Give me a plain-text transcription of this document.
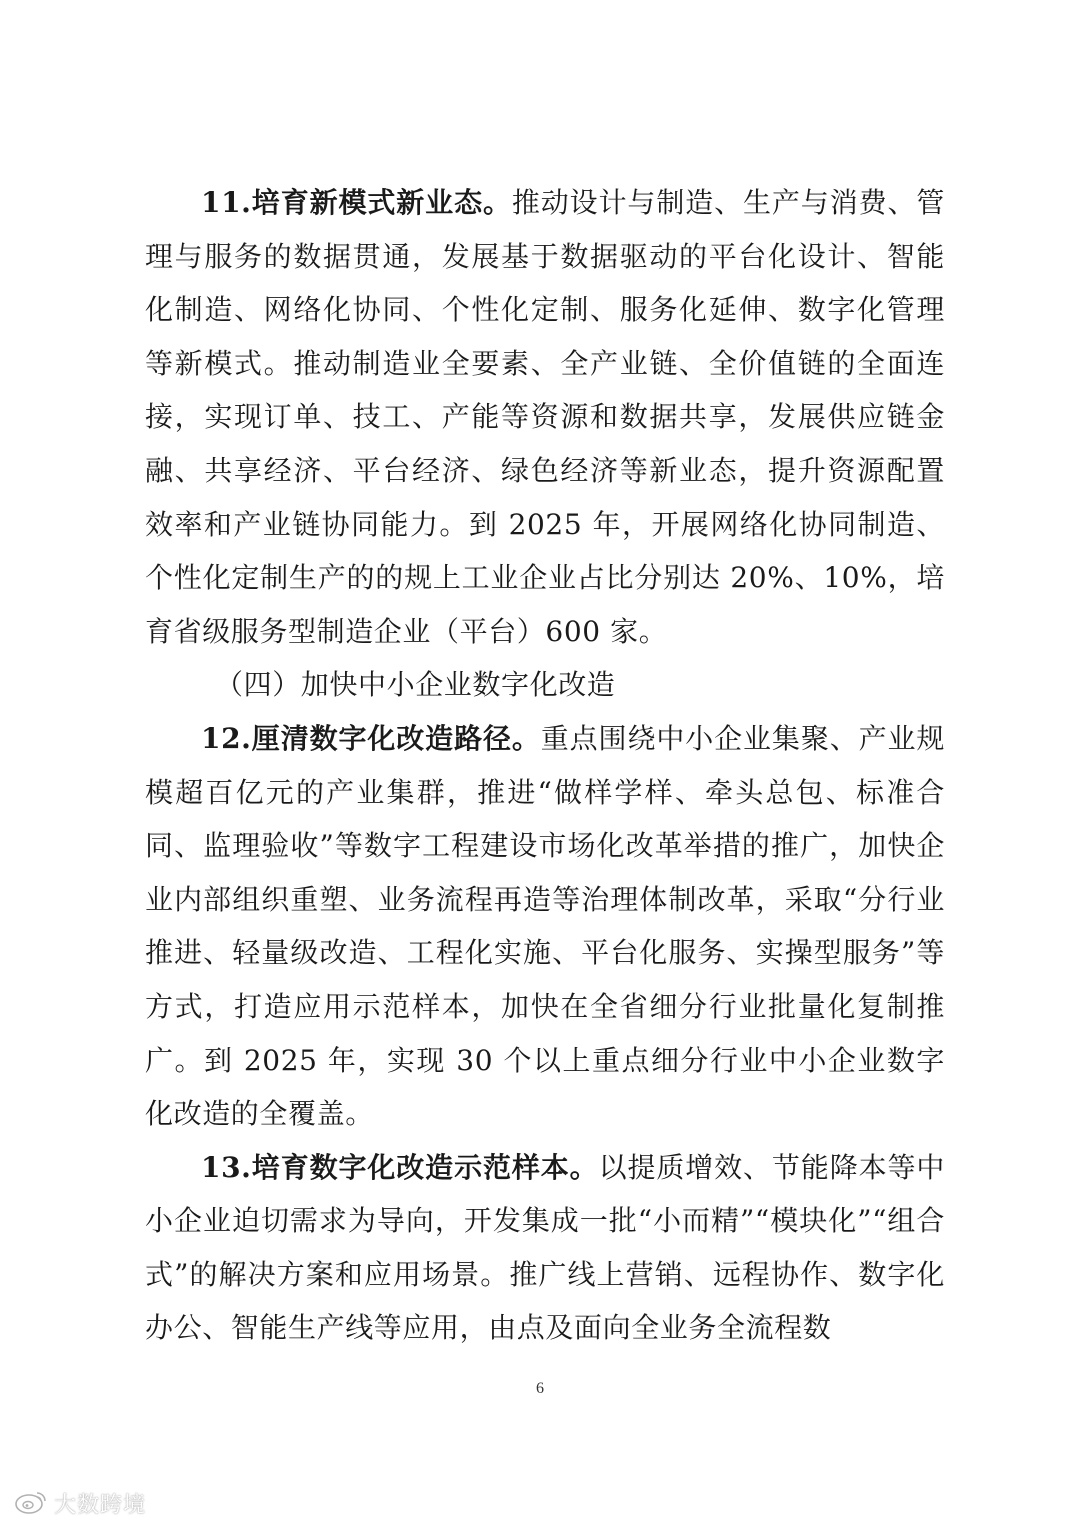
11.培育新模式新业态。推动设计与制造、生产与消费、管理与服务的数据贯通，发展基于数据驱动的平台化设计、智能化制造、网络化协同、个性化定制、服务化延伸、数字化管理等新模式。推动制造业全要素、全产业链、全价值链的全面连接，实现订单、技工、产能等资源和数据共享，发展供应链金融、共享经济、平台经济、绿色经济等新业态，提升资源配置效率和产业链协同能力。到 2025 年，开展网络化协同制造、个性化定制生产的的规上工业企业占比分别达 20%、10%，培育省级服务型制造企业（平台）600 家。

（四）加快中小企业数字化改造

12.厘清数字化改造路径。重点围绕中小企业集聚、产业规模超百亿元的产业集群，推进“做样学样、牵头总包、标准合同、监理验收”等数字工程建设市场化改革举措的推广，加快企业内部组织重塑、业务流程再造等治理体制改革，采取“分行业推进、轻量级改造、工程化实施、平台化服务、实操型服务”等方式，打造应用示范样本，加快在全省细分行业批量化复制推广。到 2025 年，实现 30 个以上重点细分行业中小企业数字化改造的全覆盖。

13.培育数字化改造示范样本。以提质增效、节能降本等中小企业迫切需求为导向，开发集成一批“小而精”“模块化”“组合式”的解决方案和应用场景。推广线上营销、远程协作、数字化办公、智能生产线等应用，由点及面向全业务全流程数

6
大数跨境
